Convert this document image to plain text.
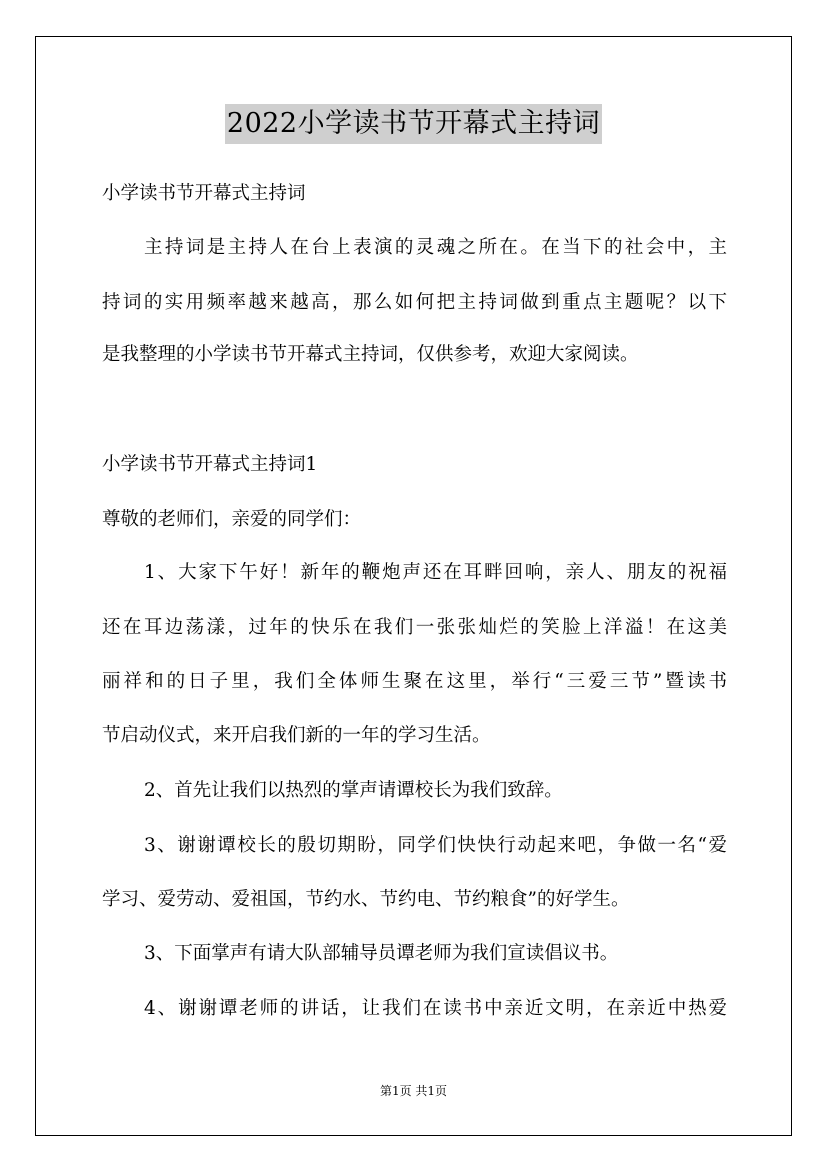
2022小学读书节开幕式主持词
小学读书节开幕式主持词
主持词是主持人在台上表演的灵魂之所在。在当下的社会中，主
持词的实用频率越来越高，那么如何把主持词做到重点主题呢？以下
是我整理的小学读书节开幕式主持词，仅供参考，欢迎大家阅读。
小学读书节开幕式主持词1
尊敬的老师们，亲爱的同学们：
1、大家下午好！新年的鞭炮声还在耳畔回响，亲人、朋友的祝福
还在耳边荡漾，过年的快乐在我们一张张灿烂的笑脸上洋溢！在这美
丽祥和的日子里，我们全体师生聚在这里，举行“三爱三节”暨读书
节启动仪式，来开启我们新的一年的学习生活。
2、首先让我们以热烈的掌声请谭校长为我们致辞。
3、谢谢谭校长的殷切期盼，同学们快快行动起来吧，争做一名“爱
学习、爱劳动、爱祖国，节约水、节约电、节约粮食”的好学生。
3、下面掌声有请大队部辅导员谭老师为我们宣读倡议书。
4、谢谢谭老师的讲话，让我们在读书中亲近文明，在亲近中热爱
第1页 共1页
